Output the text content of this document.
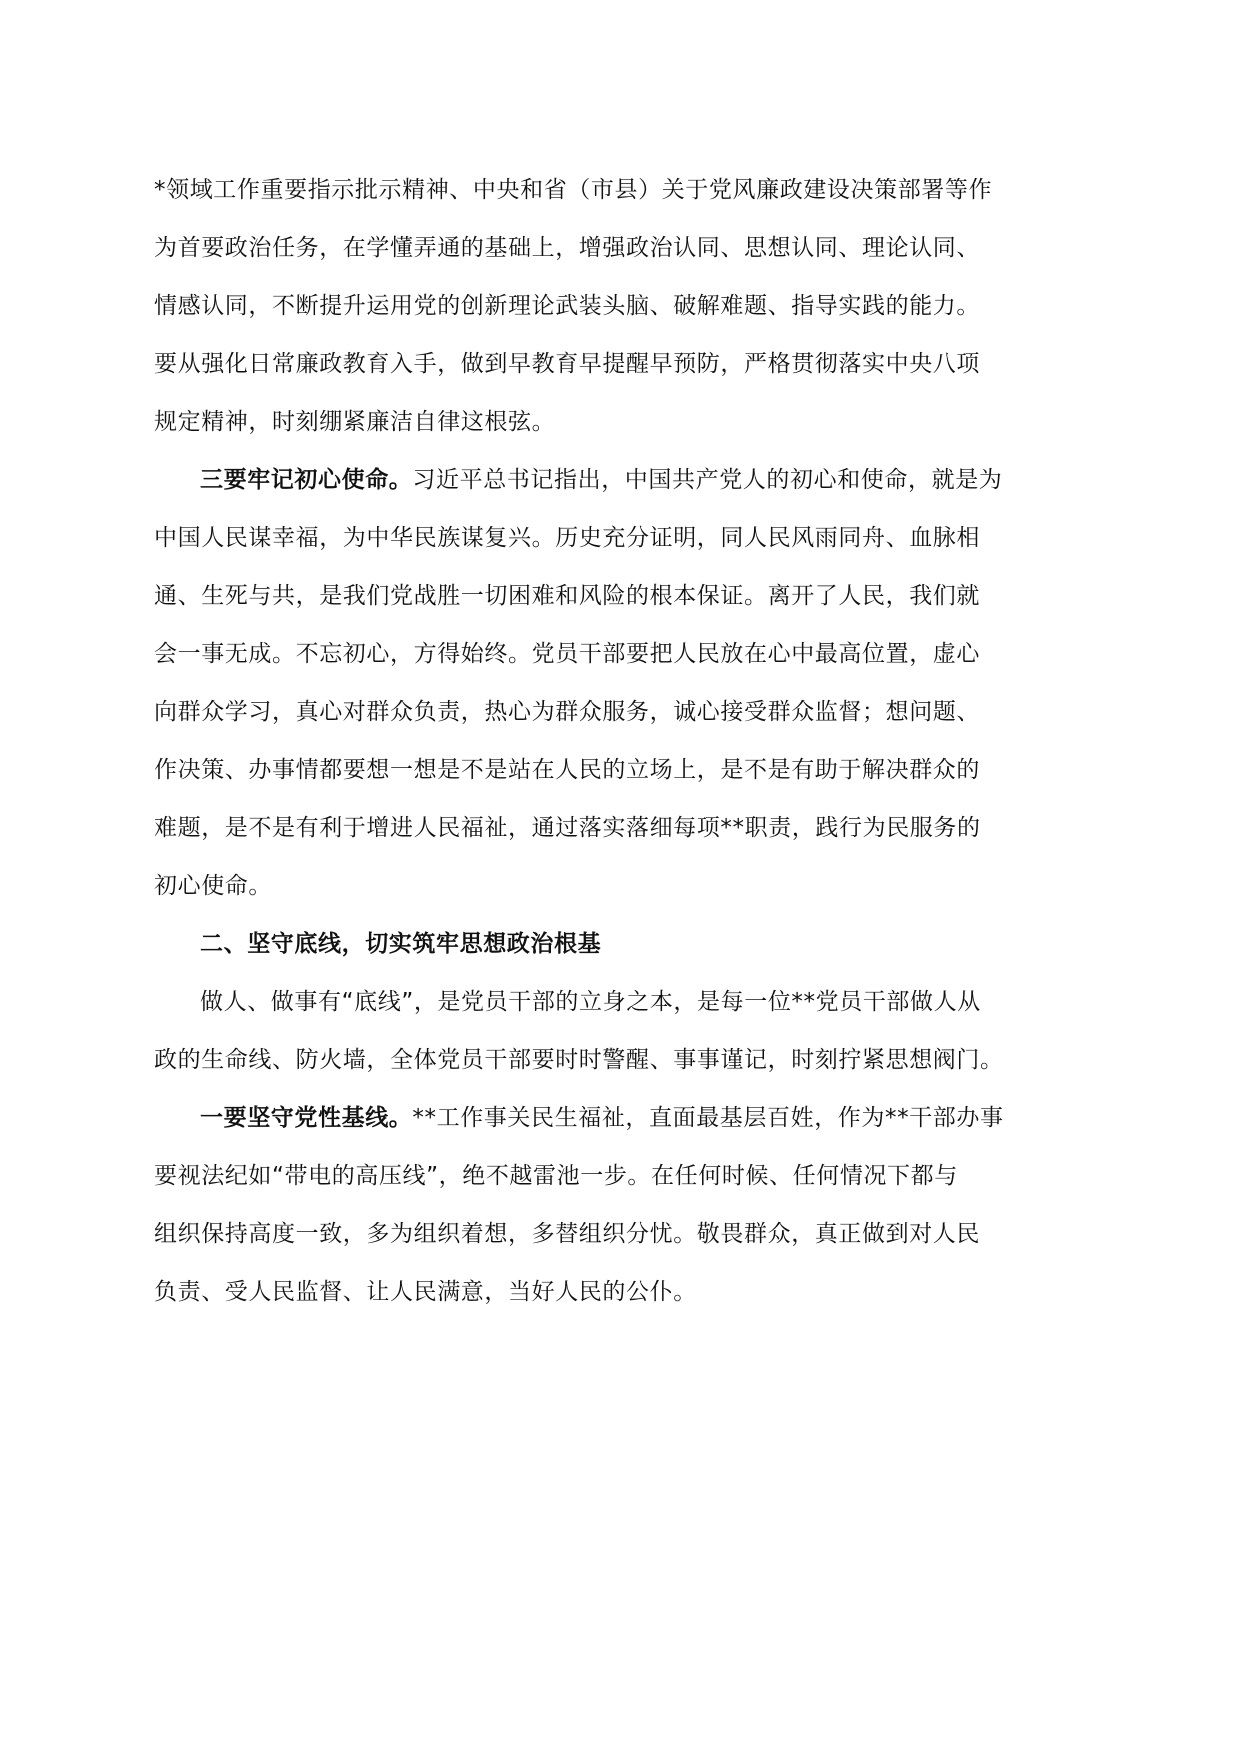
*领域工作重要指示批示精神、中央和省（市县）关于党风廉政建设决策部署等作
为首要政治任务，在学懂弄通的基础上，增强政治认同、思想认同、理论认同、
情感认同，不断提升运用党的创新理论武装头脑、破解难题、指导实践的能力。
要从强化日常廉政教育入手，做到早教育早提醒早预防，严格贯彻落实中央八项
规定精神，时刻绷紧廉洁自律这根弦。
三要牢记初心使命。习近平总书记指出，中国共产党人的初心和使命，就是为
中国人民谋幸福，为中华民族谋复兴。历史充分证明，同人民风雨同舟、血脉相
通、生死与共，是我们党战胜一切困难和风险的根本保证。离开了人民，我们就
会一事无成。不忘初心，方得始终。党员干部要把人民放在心中最高位置，虚心
向群众学习，真心对群众负责，热心为群众服务，诚心接受群众监督；想问题、
作决策、办事情都要想一想是不是站在人民的立场上，是不是有助于解决群众的
难题，是不是有利于增进人民福祉，通过落实落细每项**职责，践行为民服务的
初心使命。
二、坚守底线，切实筑牢思想政治根基
做人、做事有“底线”，是党员干部的立身之本，是每一位**党员干部做人从
政的生命线、防火墙，全体党员干部要时时警醒、事事谨记，时刻拧紧思想阀门。
一要坚守党性基线。**工作事关民生福祉，直面最基层百姓，作为**干部办事
要视法纪如“带电的高压线”，绝不越雷池一步。在任何时候、任何情况下都与
组织保持高度一致，多为组织着想，多替组织分忧。敬畏群众，真正做到对人民
负责、受人民监督、让人民满意，当好人民的公仆。
